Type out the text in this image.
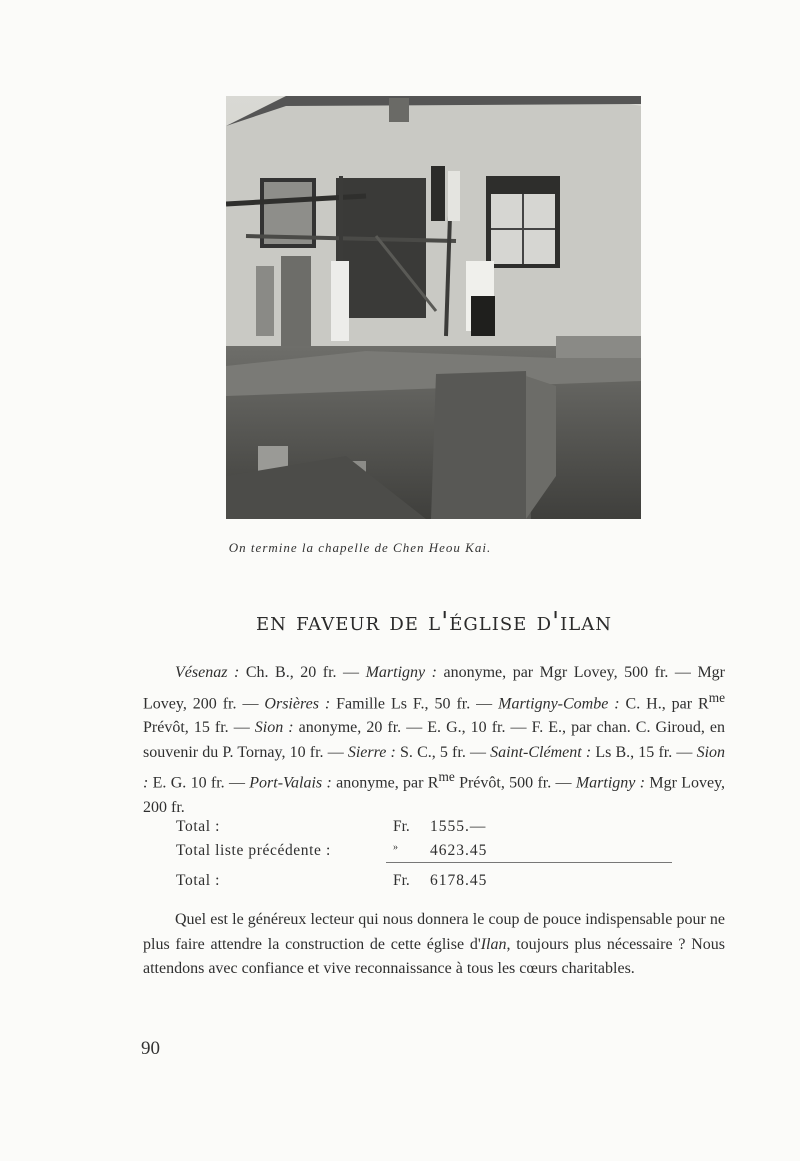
On termine la chapelle de Chen Heou Kai.
en faveur de l'église d'ilan
Vésenaz : Ch. B., 20 fr. — Martigny : anonyme, par Mgr Lovey, 500 fr. — Mgr Lovey, 200 fr. — Orsières : Famille Ls F., 50 fr. — Martigny-Combe : C. H., par $R^{me}$ Prévôt, 15 fr. — Sion : anonyme, 20 fr. — E. G., 10 fr. — F. E., par chan. C. Giroud, en souvenir du P. Tornay, 10 fr. — Sierre : S. C., 5 fr. — Saint-Clément : Ls B., 15 fr. — Sion : E. G. 10 fr. — Port-Valais : anonyme, par $R^{me}$ Prévôt, 500 fr. — Martigny : Mgr Lovey, 200 fr.
Total :	Fr. 1555.—
Total liste précédente :	» 4623.45
Total :	Fr. 6178.45
Quel est le généreux lecteur qui nous donnera le coup de pouce indispensable pour ne plus faire attendre la construction de cette église d'Ilan, toujours plus nécessaire ? Nous attendons avec confiance et vive reconnaissance à tous les cœurs charitables.
90
